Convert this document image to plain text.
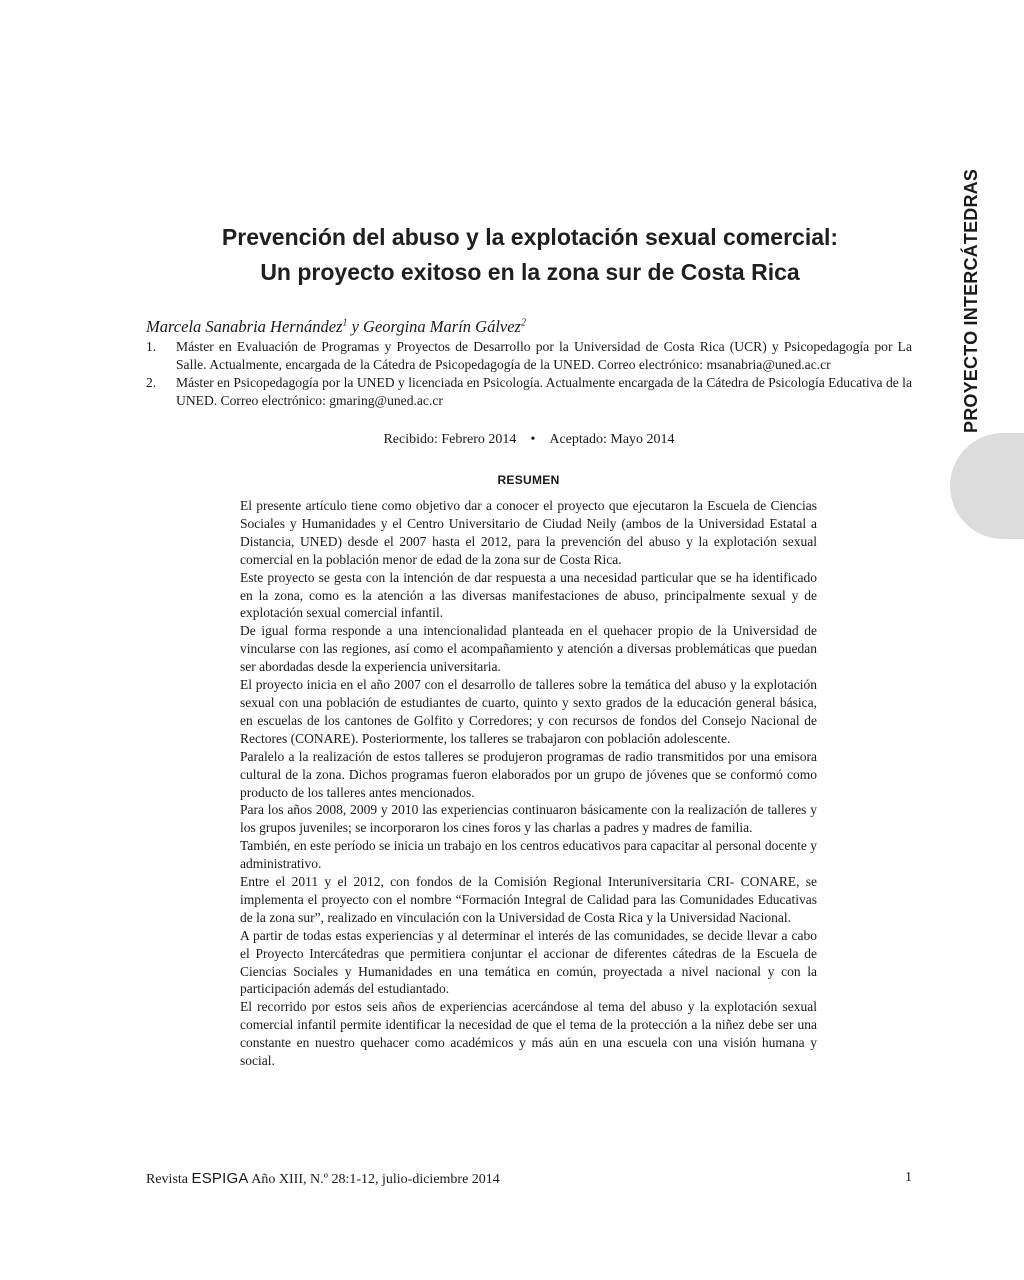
PROYECTO INTERCÁTEDRAS
Prevención del abuso y la explotación sexual comercial:
Un proyecto exitoso en la zona sur de Costa Rica
Marcela Sanabria Hernández$^1$ y Georgina Marín Gálvez$^2$
1.	Máster en Evaluación de Programas y Proyectos de Desarrollo por la Universidad de Costa Rica (UCR) y Psicopedagogía por La Salle. Actualmente, encargada de la Cátedra de Psicopedagogía de la UNED. Correo electrónico: msanabria@uned.ac.cr
2.	Máster en Psicopedagogía por la UNED y licenciada en Psicología. Actualmente encargada de la Cátedra de Psicología Educativa de la UNED. Correo electrónico: gmaring@uned.ac.cr
Recibido: Febrero 2014 • Aceptado: Mayo 2014
RESUMEN

El presente artículo tiene como objetivo dar a conocer el proyecto que ejecutaron la Escuela de Ciencias Sociales y Humanidades y el Centro Universitario de Ciudad Neily (ambos de la Universidad Estatal a Distancia, UNED) desde el 2007 hasta el 2012, para la prevención del abuso y la explotación sexual comercial en la población menor de edad de la zona sur de Costa Rica.

Este proyecto se gesta con la intención de dar respuesta a una necesidad particular que se ha identificado en la zona, como es la atención a las diversas manifestaciones de abuso, principalmente sexual y de explotación sexual comercial infantil.

De igual forma responde a una intencionalidad planteada en el quehacer propio de la Universidad de vincularse con las regiones, así como el acompañamiento y atención a diversas problemáticas que puedan ser abordadas desde la experiencia universitaria.

El proyecto inicia en el año 2007 con el desarrollo de talleres sobre la temática del abuso y la explotación sexual con una población de estudiantes de cuarto, quinto y sexto grados de la educación general básica, en escuelas de los cantones de Golfito y Corredores; y con recursos de fondos del Consejo Nacional de Rectores (CONARE). Posteriormente, los talleres se trabajaron con población adolescente.

Paralelo a la realización de estos talleres se produjeron programas de radio transmitidos por una emisora cultural de la zona. Dichos programas fueron elaborados por un grupo de jóvenes que se conformó como producto de los talleres antes mencionados.

Para los años 2008, 2009 y 2010 las experiencias continuaron básicamente con la realización de talleres y los grupos juveniles; se incorporaron los cines foros y las charlas a padres y madres de familia.

También, en este período se inicia un trabajo en los centros educativos para capacitar al personal docente y administrativo.

Entre el 2011 y el 2012, con fondos de la Comisión Regional Interuniversitaria CRI- CONARE, se implementa el proyecto con el nombre “Formación Integral de Calidad para las Comunidades Educativas de la zona sur”, realizado en vinculación con la Universidad de Costa Rica y la Universidad Nacional.

A partir de todas estas experiencias y al determinar el interés de las comunidades, se decide llevar a cabo el Proyecto Intercátedras que permitiera conjuntar el accionar de diferentes cátedras de la Escuela de Ciencias Sociales y Humanidades en una temática en común, proyectada a nivel nacional y con la participación además del estudiantado.

El recorrido por estos seis años de experiencias acercándose al tema del abuso y la explotación sexual comercial infantil permite identificar la necesidad de que el tema de la protección a la niñez debe ser una constante en nuestro quehacer como académicos y más aún en una escuela con una visión humana y social.

Revista ESPIGA Año XIII, N.º 28:1-12, julio-diciembre 2014	1
